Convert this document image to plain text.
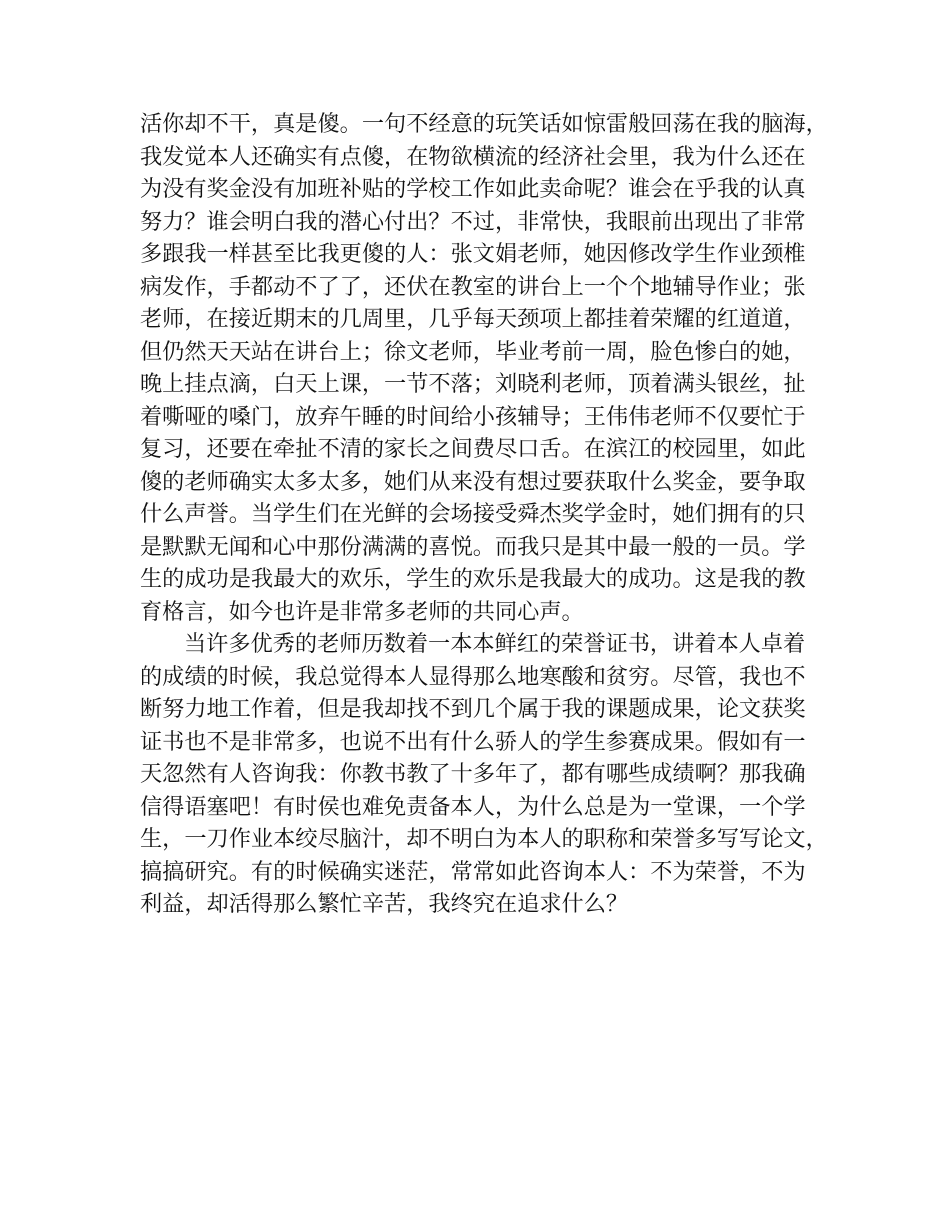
活你却不干，真是傻。一句不经意的玩笑话如惊雷般回荡在我的脑海，
我发觉本人还确实有点傻，在物欲横流的经济社会里，我为什么还在
为没有奖金没有加班补贴的学校工作如此卖命呢？谁会在乎我的认真
努力？谁会明白我的潜心付出？不过，非常快，我眼前出现出了非常
多跟我一样甚至比我更傻的人：张文娟老师，她因修改学生作业颈椎
病发作，手都动不了了，还伏在教室的讲台上一个个地辅导作业；张
老师，在接近期末的几周里，几乎每天颈项上都挂着荣耀的红道道，
但仍然天天站在讲台上；徐文老师，毕业考前一周，脸色惨白的她，
晚上挂点滴，白天上课，一节不落；刘晓利老师，顶着满头银丝，扯
着嘶哑的嗓门，放弃午睡的时间给小孩辅导；王伟伟老师不仅要忙于
复习，还要在牵扯不清的家长之间费尽口舌。在滨江的校园里，如此
傻的老师确实太多太多，她们从来没有想过要获取什么奖金，要争取
什么声誉。当学生们在光鲜的会场接受舜杰奖学金时，她们拥有的只
是默默无闻和心中那份满满的喜悦。而我只是其中最一般的一员。学
生的成功是我最大的欢乐，学生的欢乐是我最大的成功。这是我的教
育格言，如今也许是非常多老师的共同心声。
当许多优秀的老师历数着一本本鲜红的荣誉证书，讲着本人卓着
的成绩的时候，我总觉得本人显得那么地寒酸和贫穷。尽管，我也不
断努力地工作着，但是我却找不到几个属于我的课题成果，论文获奖
证书也不是非常多，也说不出有什么骄人的学生参赛成果。假如有一
天忽然有人咨询我：你教书教了十多年了，都有哪些成绩啊？那我确
信得语塞吧！有时侯也难免责备本人，为什么总是为一堂课，一个学
生，一刀作业本绞尽脑汁，却不明白为本人的职称和荣誉多写写论文，
搞搞研究。有的时候确实迷茫，常常如此咨询本人：不为荣誉，不为
利益，却活得那么繁忙辛苦，我终究在追求什么？
